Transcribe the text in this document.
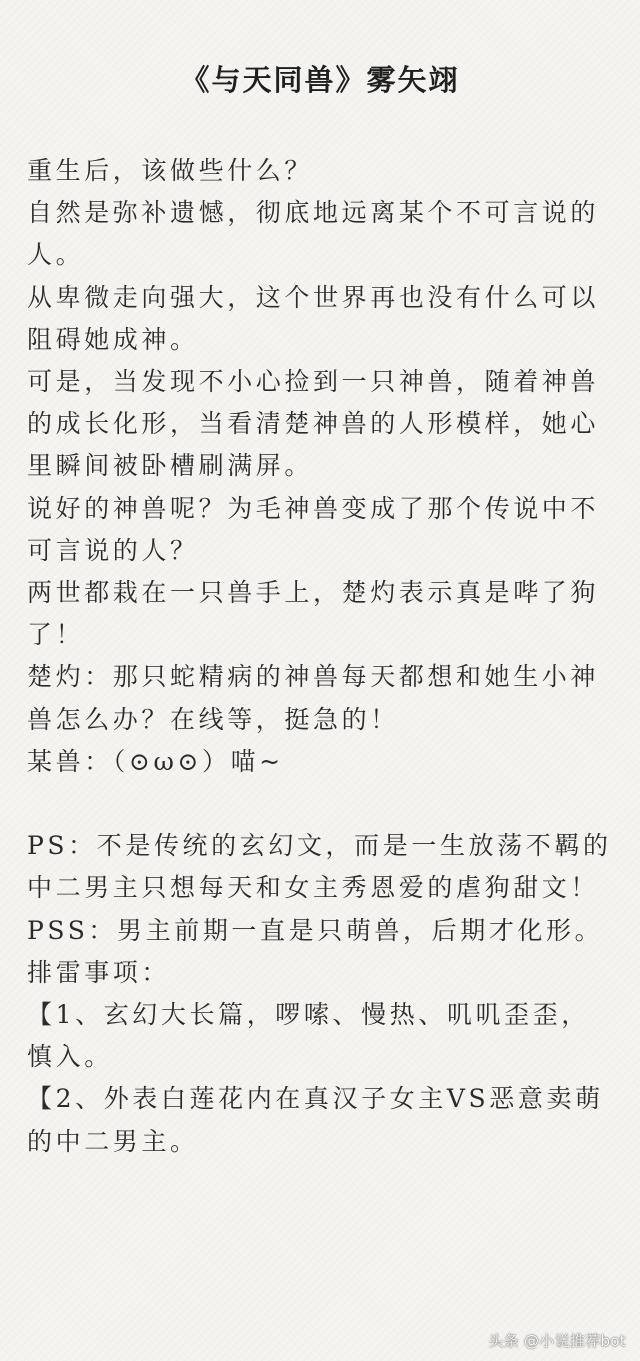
《与天同兽》雾矢翊

重生后，该做些什么？

自然是弥补遗憾，彻底地远离某个不可言说的人。

从卑微走向强大，这个世界再也没有什么可以阻碍她成神。

可是，当发现不小心捡到一只神兽，随着神兽的成长化形，当看清楚神兽的人形模样，她心里瞬间被卧槽刷满屏。

说好的神兽呢？为毛神兽变成了那个传说中不可言说的人？

两世都栽在一只兽手上，楚灼表示真是哔了狗了！

楚灼：那只蛇精病的神兽每天都想和她生小神兽怎么办？在线等，挺急的！

某兽：（⊙ω⊙）喵~

PS：不是传统的玄幻文，而是一生放荡不羁的中二男主只想每天和女主秀恩爱的虐狗甜文！

PSS：男主前期一直是只萌兽，后期才化形。

排雷事项：

【1、玄幻大长篇，啰嗦、慢热、叽叽歪歪，慎入。

【2、外表白莲花内在真汉子女主VS恶意卖萌的中二男主。

头条 @小说推荐bot
